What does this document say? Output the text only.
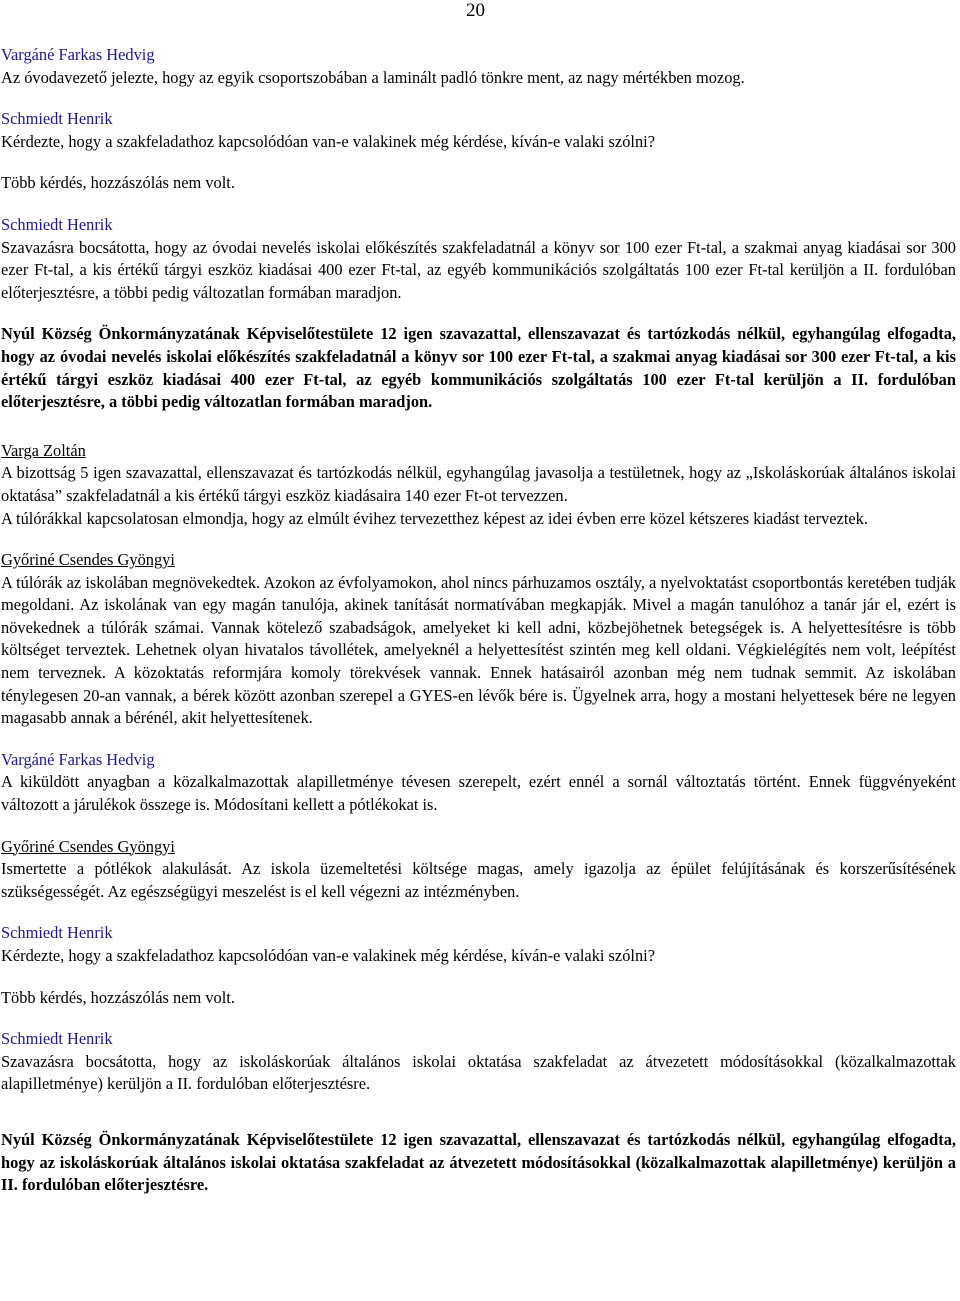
20
Vargáné Farkas Hedvig
Az óvodavezető jelezte, hogy az egyik csoportszobában a laminált padló tönkre ment, az nagy mértékben mozog.
Schmiedt Henrik
Kérdezte, hogy a szakfeladathoz kapcsolódóan van-e valakinek még kérdése, kíván-e valaki szólni?
Több kérdés, hozzászólás nem volt.
Schmiedt Henrik
Szavazásra bocsátotta, hogy az óvodai nevelés iskolai előkészítés szakfeladatnál a könyv sor 100 ezer Ft-tal, a szakmai anyag kiadásai sor 300 ezer Ft-tal, a kis értékű tárgyi eszköz kiadásai 400 ezer Ft-tal, az egyéb kommunikációs szolgáltatás 100 ezer Ft-tal kerüljön a II. fordulóban előterjesztésre, a többi pedig változatlan formában maradjon.
Nyúl Község Önkormányzatának Képviselőtestülete 12 igen szavazattal, ellenszavazat és tartózkodás nélkül, egyhangúlag elfogadta, hogy az óvodai nevelés iskolai előkészítés szakfeladatnál a könyv sor 100 ezer Ft-tal, a szakmai anyag kiadásai sor 300 ezer Ft-tal, a kis értékű tárgyi eszköz kiadásai 400 ezer Ft-tal, az egyéb kommunikációs szolgáltatás 100 ezer Ft-tal kerüljön a II. fordulóban előterjesztésre, a többi pedig változatlan formában maradjon.
Varga Zoltán
A bizottság 5 igen szavazattal, ellenszavazat és tartózkodás nélkül, egyhangúlag javasolja a testületnek, hogy az „Iskoláskorúak általános iskolai oktatása” szakfeladatnál a kis értékű tárgyi eszköz kiadásaira 140 ezer Ft-ot tervezzen.
A túlórákkal kapcsolatosan elmondja, hogy az elmúlt évihez tervezetthez képest az idei évben erre közel kétszeres kiadást terveztek.
Győriné Csendes Gyöngyi
A túlórák az iskolában megnövekedtek. Azokon az évfolyamokon, ahol nincs párhuzamos osztály, a nyelvoktatást csoportbontás keretében tudják megoldani. Az iskolának van egy magán tanulója, akinek tanítását normatívában megkapják. Mivel a magán tanulóhoz a tanár jár el, ezért is növekednek a túlórák számai. Vannak kötelező szabadságok, amelyeket ki kell adni, közbejöhetnek betegségek is. A helyettesítésre is több költséget terveztek. Lehetnek olyan hivatalos távollétek, amelyeknél a helyettesítést szintén meg kell oldani. Végkielégítés nem volt, leépítést nem terveznek. A közoktatás reformjára komoly törekvések vannak. Ennek hatásairól azonban még nem tudnak semmit. Az iskolában ténylegesen 20-an vannak, a bérek között azonban szerepel a GYES-en lévők bére is. Ügyelnek arra, hogy a mostani helyettesek bére ne legyen magasabb annak a bérénél, akit helyettesítenek.
Vargáné Farkas Hedvig
A kiküldött anyagban a közalkalmazottak alapilletménye tévesen szerepelt, ezért ennél a sornál változtatás történt. Ennek függvényeként változott a járulékok összege is. Módosítani kellett a pótlékokat is.
Győriné Csendes Gyöngyi
Ismertette a pótlékok alakulását. Az iskola üzemeltetési költsége magas, amely igazolja az épület felújításának és korszerűsítésének szükségességét. Az egészségügyi meszelést is el kell végezni az intézményben.
Schmiedt Henrik
Kérdezte, hogy a szakfeladathoz kapcsolódóan van-e valakinek még kérdése, kíván-e valaki szólni?
Több kérdés, hozzászólás nem volt.
Schmiedt Henrik
Szavazásra bocsátotta, hogy az iskoláskorúak általános iskolai oktatása szakfeladat az átvezetett módosításokkal (közalkalmazottak alapilletménye) kerüljön a II. fordulóban előterjesztésre.
Nyúl Község Önkormányzatának Képviselőtestülete 12 igen szavazattal, ellenszavazat és tartózkodás nélkül, egyhangúlag elfogadta, hogy az iskoláskorúak általános iskolai oktatása szakfeladat az átvezetett módosításokkal (közalkalmazottak alapilletménye) kerüljön a II. fordulóban előterjesztésre.
